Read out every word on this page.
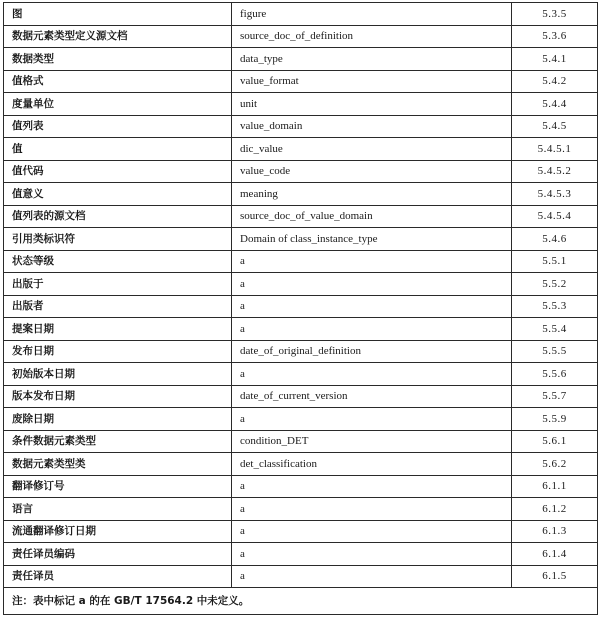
图	figure	5.3.5
数据元素类型定义源文档	source_doc_of_definition	5.3.6
数据类型	data_type	5.4.1
值格式	value_format	5.4.2
度量单位	unit	5.4.4
值列表	value_domain	5.4.5
值	dic_value	5.4.5.1
值代码	value_code	5.4.5.2
值意义	meaning	5.4.5.3
值列表的源文档	source_doc_of_value_domain	5.4.5.4
引用类标识符	Domain of class_instance_type	5.4.6
状态等级	a	5.5.1
出版于	a	5.5.2
出版者	a	5.5.3
提案日期	a	5.5.4
发布日期	date_of_original_definition	5.5.5
初始版本日期	a	5.5.6
版本发布日期	date_of_current_version	5.5.7
废除日期	a	5.5.9
条件数据元素类型	condition_DET	5.6.1
数据元素类型类	det_classification	5.6.2
翻译修订号	a	6.1.1
语言	a	6.1.2
流通翻译修订日期	a	6.1.3
责任译员编码	a	6.1.4
责任译员	a	6.1.5
注：表中标记 a 的在 GB/T 17564.2 中未定义。		
